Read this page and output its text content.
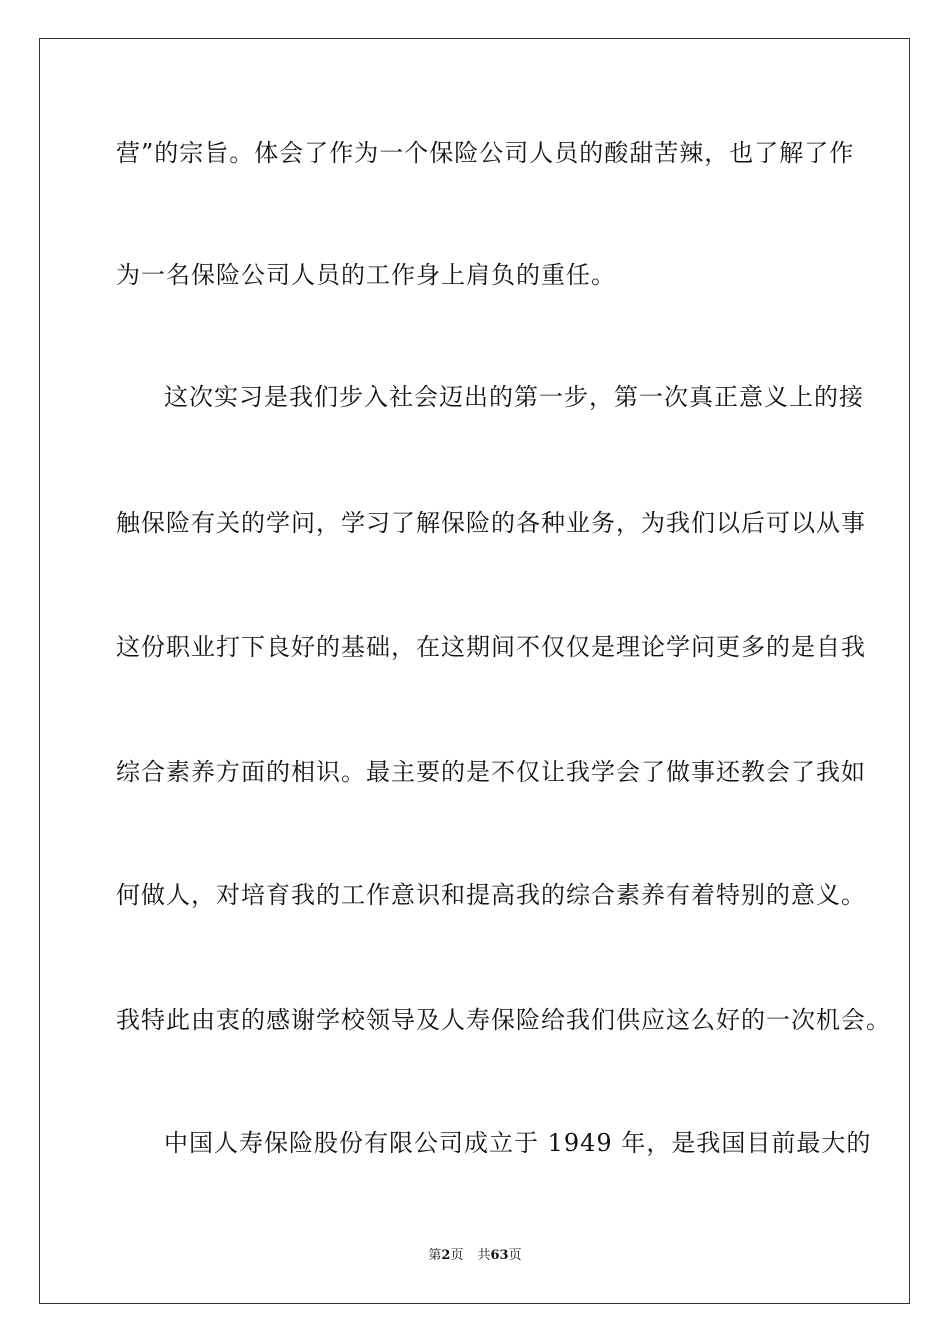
营”的宗旨。体会了作为一个保险公司人员的酸甜苦辣，也了解了作
为一名保险公司人员的工作身上肩负的重任。
这次实习是我们步入社会迈出的第一步，第一次真正意义上的接
触保险有关的学问，学习了解保险的各种业务，为我们以后可以从事
这份职业打下良好的基础，在这期间不仅仅是理论学问更多的是自我
综合素养方面的相识。最主要的是不仅让我学会了做事还教会了我如
何做人，对培育我的工作意识和提高我的综合素养有着特别的意义。
我特此由衷的感谢学校领导及人寿保险给我们供应这么好的一次机会。
中国人寿保险股份有限公司成立于 1949 年，是我国目前最大的
第2页 共63页
